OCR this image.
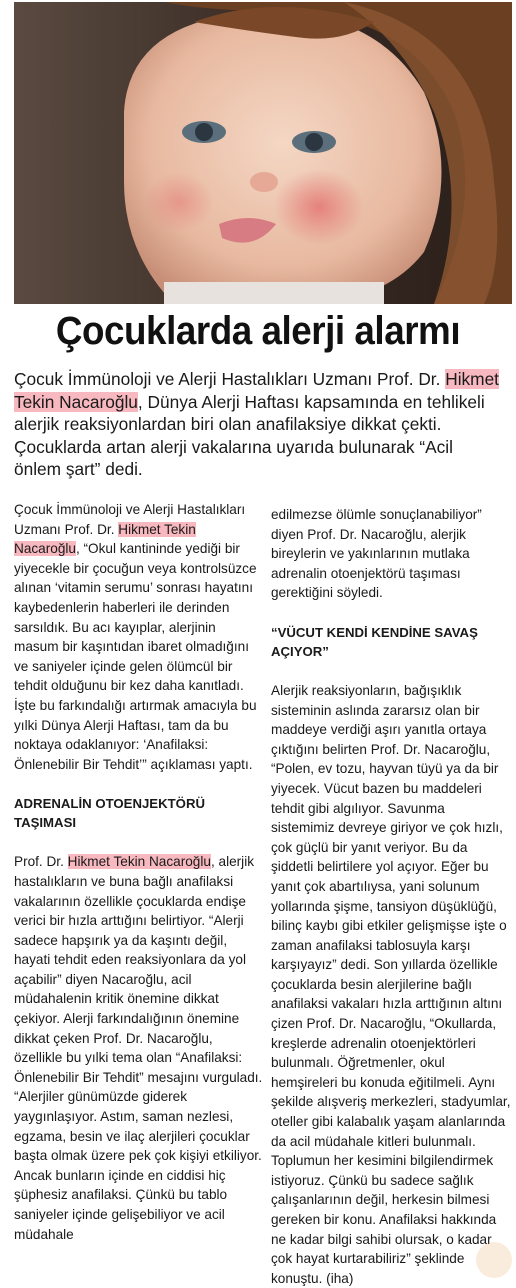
Çocuklarda alerji alarmı
Çocuk İmmünoloji ve Alerji Hastalıkları Uzmanı Prof. Dr. Hikmet Tekin Nacaroğlu, Dünya Alerji Haftası kapsamında en tehlikeli alerjik reaksiyonlardan biri olan anafilaksiye dikkat çekti. Çocuklarda artan alerji vakalarına uyarıda bulunarak “Acil önlem şart” dedi.

Çocuk İmmünoloji ve Alerji Hastalıkları Uzmanı Prof. Dr. Hikmet Tekin Nacaroğlu, “Okul kantininde yediği bir yiyecekle bir çocuğun veya kontrolsüzce alınan ‘vitamin serumu’ sonrası hayatını kaybedenlerin haberleri ile derinden sarsıldık. Bu acı kayıplar, alerjinin masum bir kaşıntıdan ibaret olmadığını ve saniyeler içinde gelen ölümcül bir tehdit olduğunu bir kez daha kanıtladı. İşte bu farkındalığı artırmak amacıyla bu yılki Dünya Alerji Haftası, tam da bu noktaya odaklanıyor: ‘Anafilaksi: Önlenebilir Bir Tehdit’” açıklaması yaptı.

ADRENALİN OTOENJEKTÖRÜ TAŞIMASI

Prof. Dr. Hikmet Tekin Nacaroğlu, alerjik hastalıkların ve buna bağlı anafilaksi vakalarının özellikle çocuklarda endişe verici bir hızla arttığını belirtiyor. “Alerji sadece hapşırık ya da kaşıntı değil, hayati tehdit eden reaksiyonlara da yol açabilir” diyen Nacaroğlu, acil müdahalenin kritik önemine dikkat çekiyor. Alerji farkındalığının önemine dikkat çeken Prof. Dr. Nacaroğlu, özellikle bu yılki tema olan “Anafilaksi: Önlenebilir Bir Tehdit” mesajını vurguladı. “Alerjiler günümüzde giderek yaygınlaşıyor. Astım, saman nezlesi, egzama, besin ve ilaç alerjileri çocuklar başta olmak üzere pek çok kişiyi etkiliyor. Ancak bunların içinde en ciddisi hiç şüphesiz anafilaksi. Çünkü bu tablo saniyeler içinde gelişebiliyor ve acil müdahale

edilmezse ölümle sonuçlanabiliyor” diyen Prof. Dr. Nacaroğlu, alerjik bireylerin ve yakınlarının mutlaka adrenalin otoenjektörü taşıması gerektiğini söyledi.

“VÜCUT KENDİ KENDİNE SAVAŞ AÇIYOR”

Alerjik reaksiyonların, bağışıklık sisteminin aslında zararsız olan bir maddeye verdiği aşırı yanıtla ortaya çıktığını belirten Prof. Dr. Nacaroğlu, “Polen, ev tozu, hayvan tüyü ya da bir yiyecek. Vücut bazen bu maddeleri tehdit gibi algılıyor. Savunma sistemimiz devreye giriyor ve çok hızlı, çok güçlü bir yanıt veriyor. Bu da şiddetli belirtilere yol açıyor. Eğer bu yanıt çok abartılıysa, yani solunum yollarında şişme, tansiyon düşüklüğü, bilinç kaybı gibi etkiler gelişmişse işte o zaman anafilaksi tablosuyla karşı karşıyayız” dedi. Son yıllarda özellikle çocuklarda besin alerjilerine bağlı anafilaksi vakaları hızla arttığının altını çizen Prof. Dr. Nacaroğlu, “Okullarda, kreşlerde adrenalin otoenjektörleri bulunmalı. Öğretmenler, okul hemşireleri bu konuda eğitilmeli. Aynı şekilde alışveriş merkezleri, stadyumlar, oteller gibi kalabalık yaşam alanlarında da acil müdahale kitleri bulunmalı. Toplumun her kesimini bilgilendirmek istiyoruz. Çünkü bu sadece sağlık çalışanlarının değil, herkesin bilmesi gereken bir konu. Anafilaksi hakkında ne kadar bilgi sahibi olursak, o kadar çok hayat kurtarabiliriz” şeklinde konuştu. (iha)
